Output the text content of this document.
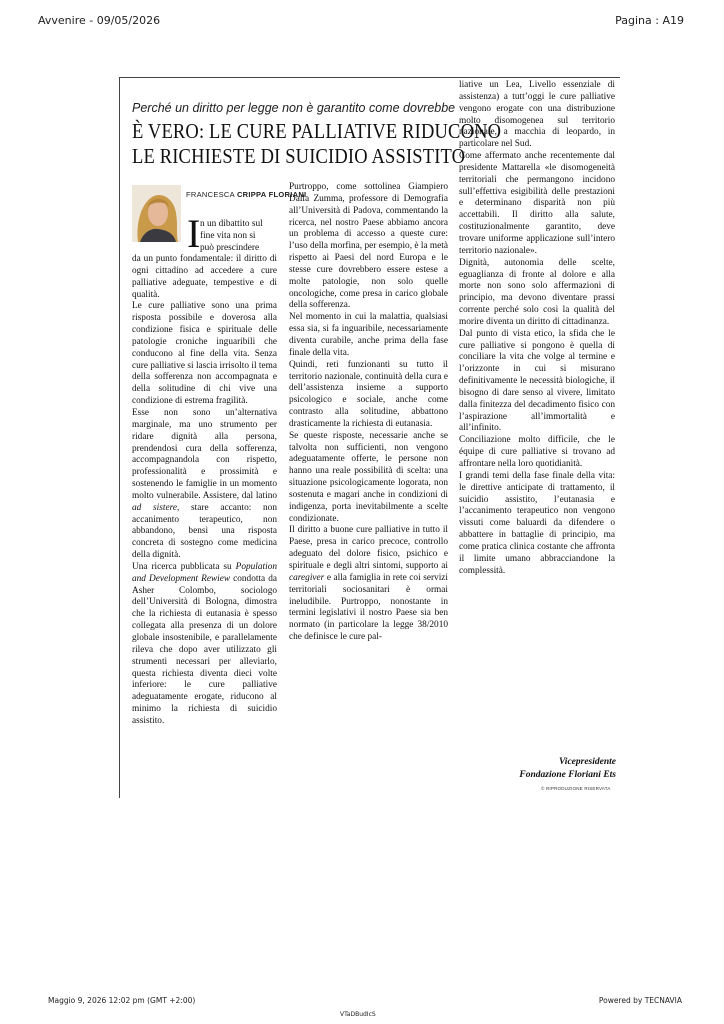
Avvenire - 09/05/2026	Pagina : A19
Perché un diritto per legge non è garantito come dovrebbe
È VERO: LE CURE PALLIATIVE RIDUCONO
LE RICHIESTE DI SUICIDIO ASSISTITO
FRANCESCA CRIPPA FLORIANI
I n un dibattito sul
fine vita non si
può prescindere

da un punto fondamentale: il diritto di ogni cittadino ad accedere a cure palliative adeguate, tempestive e di qualità.

Le cure palliative sono una prima risposta possibile e doverosa alla condizione fisica e spirituale delle patologie croniche inguaribili che conducono al fine della vita. Senza cure palliative si lascia irrisolto il tema della sofferenza non accompagnata e della solitudine di chi vive una condizione di estrema fragilità.

Esse non sono un’alternativa marginale, ma uno strumento per ridare dignità alla persona, prendendosi cura della sofferenza, accompagnandola con rispetto, professionalità e prossimità e sostenendo le famiglie in un momento molto vulnerabile. Assistere, dal latino ad sistere, stare accanto: non accanimento terapeutico, non abbandono, bensì una risposta concreta di sostegno come medicina della dignità.

Una ricerca pubblicata su Population and Development Rewiew condotta da Asher Colombo, sociologo dell’Università di Bologna, dimostra che la richiesta di eutanasia è spesso collegata alla presenza di un dolore globale insostenibile, e parallelamente rileva che dopo aver utilizzato gli strumenti necessari per alleviarlo, questa richiesta diventa dieci volte inferiore: le cure palliative adeguatamente erogate, riducono al minimo la richiesta di suicidio assistito.

Purtroppo, come sottolinea Giampiero Dalla Zumma, professore di Demografia all’Università di Padova, commentando la ricerca, nel nostro Paese abbiamo ancora un problema di accesso a queste cure: l’uso della morfina, per esempio, è la metà rispetto ai Paesi del nord Europa e le stesse cure dovrebbero essere estese a molte patologie, non solo quelle oncologiche, come presa in carico globale della sofferenza.

Nel momento in cui la malattia, qualsiasi essa sia, si fa inguaribile, necessariamente diventa curabile, anche prima della fase finale della vita.

Quindi, reti funzionanti su tutto il territorio nazionale, continuità della cura e dell’assistenza insieme a supporto psicologico e sociale, anche come contrasto alla solitudine, abbattono drasticamente la richiesta di eutanasia.

Se queste risposte, necessarie anche se talvolta non sufficienti, non vengono adeguatamente offerte, le persone non hanno una reale possibilità di scelta: una situazione psicologicamente logorata, non sostenuta e magari anche in condizioni di indigenza, porta inevitabilmente a scelte condizionate.

Il diritto a buone cure palliative in tutto il Paese, presa in carico precoce, controllo adeguato del dolore fisico, psichico e spirituale e degli altri sintomi, supporto ai caregiver e alla famiglia in rete coi servizi territoriali sociosanitari è ormai ineludibile. Purtroppo, nonostante in termini legislativi il nostro Paese sia ben normato (in particolare la legge 38/2010 che definisce le cure pal-

liative un Lea, Livello essenziale di assistenza) a tutt’oggi le cure palliative vengono erogate con una distribuzione molto disomogenea sul territorio nazionale, a macchia di leopardo, in particolare nel Sud.

Come affermato anche recentemente dal presidente Mattarella «le disomogeneità territoriali che permangono incidono sull’effettiva esigibilità delle prestazioni e determinano disparità non più accettabili. Il diritto alla salute, costituzionalmente garantito, deve trovare uniforme applicazione sull’intero territorio nazionale».

Dignità, autonomia delle scelte, eguaglianza di fronte al dolore e alla morte non sono solo affermazioni di principio, ma devono diventare prassi corrente perché solo così la qualità del morire diventa un diritto di cittadinanza.

Dal punto di vista etico, la sfida che le cure palliative si pongono è quella di conciliare la vita che volge al termine e l’orizzonte in cui si misurano definitivamente le necessità biologiche, il bisogno di dare senso al vivere, limitato dalla finitezza del decadimento fisico con l’aspirazione all’immortalità e all’infinito.

Conciliazione molto difficile, che le équipe di cure palliative si trovano ad affrontare nella loro quotidianità.

I grandi temi della fase finale della vita: le direttive anticipate di trattamento, il suicidio assistito, l’eutanasia e l’accanimento terapeutico non vengono vissuti come baluardi da difendere o abbattere in battaglie di principio, ma come pratica clinica costante che affronta il limite umano abbracciandone la complessità.

Vicepresidente
Fondazione Floriani Ets
© RIPRODUZIONE RISERVATA
Maggio 9, 2026 12:02 pm (GMT +2:00)
VTaDBudIcS
Powered by TECNAVIA
